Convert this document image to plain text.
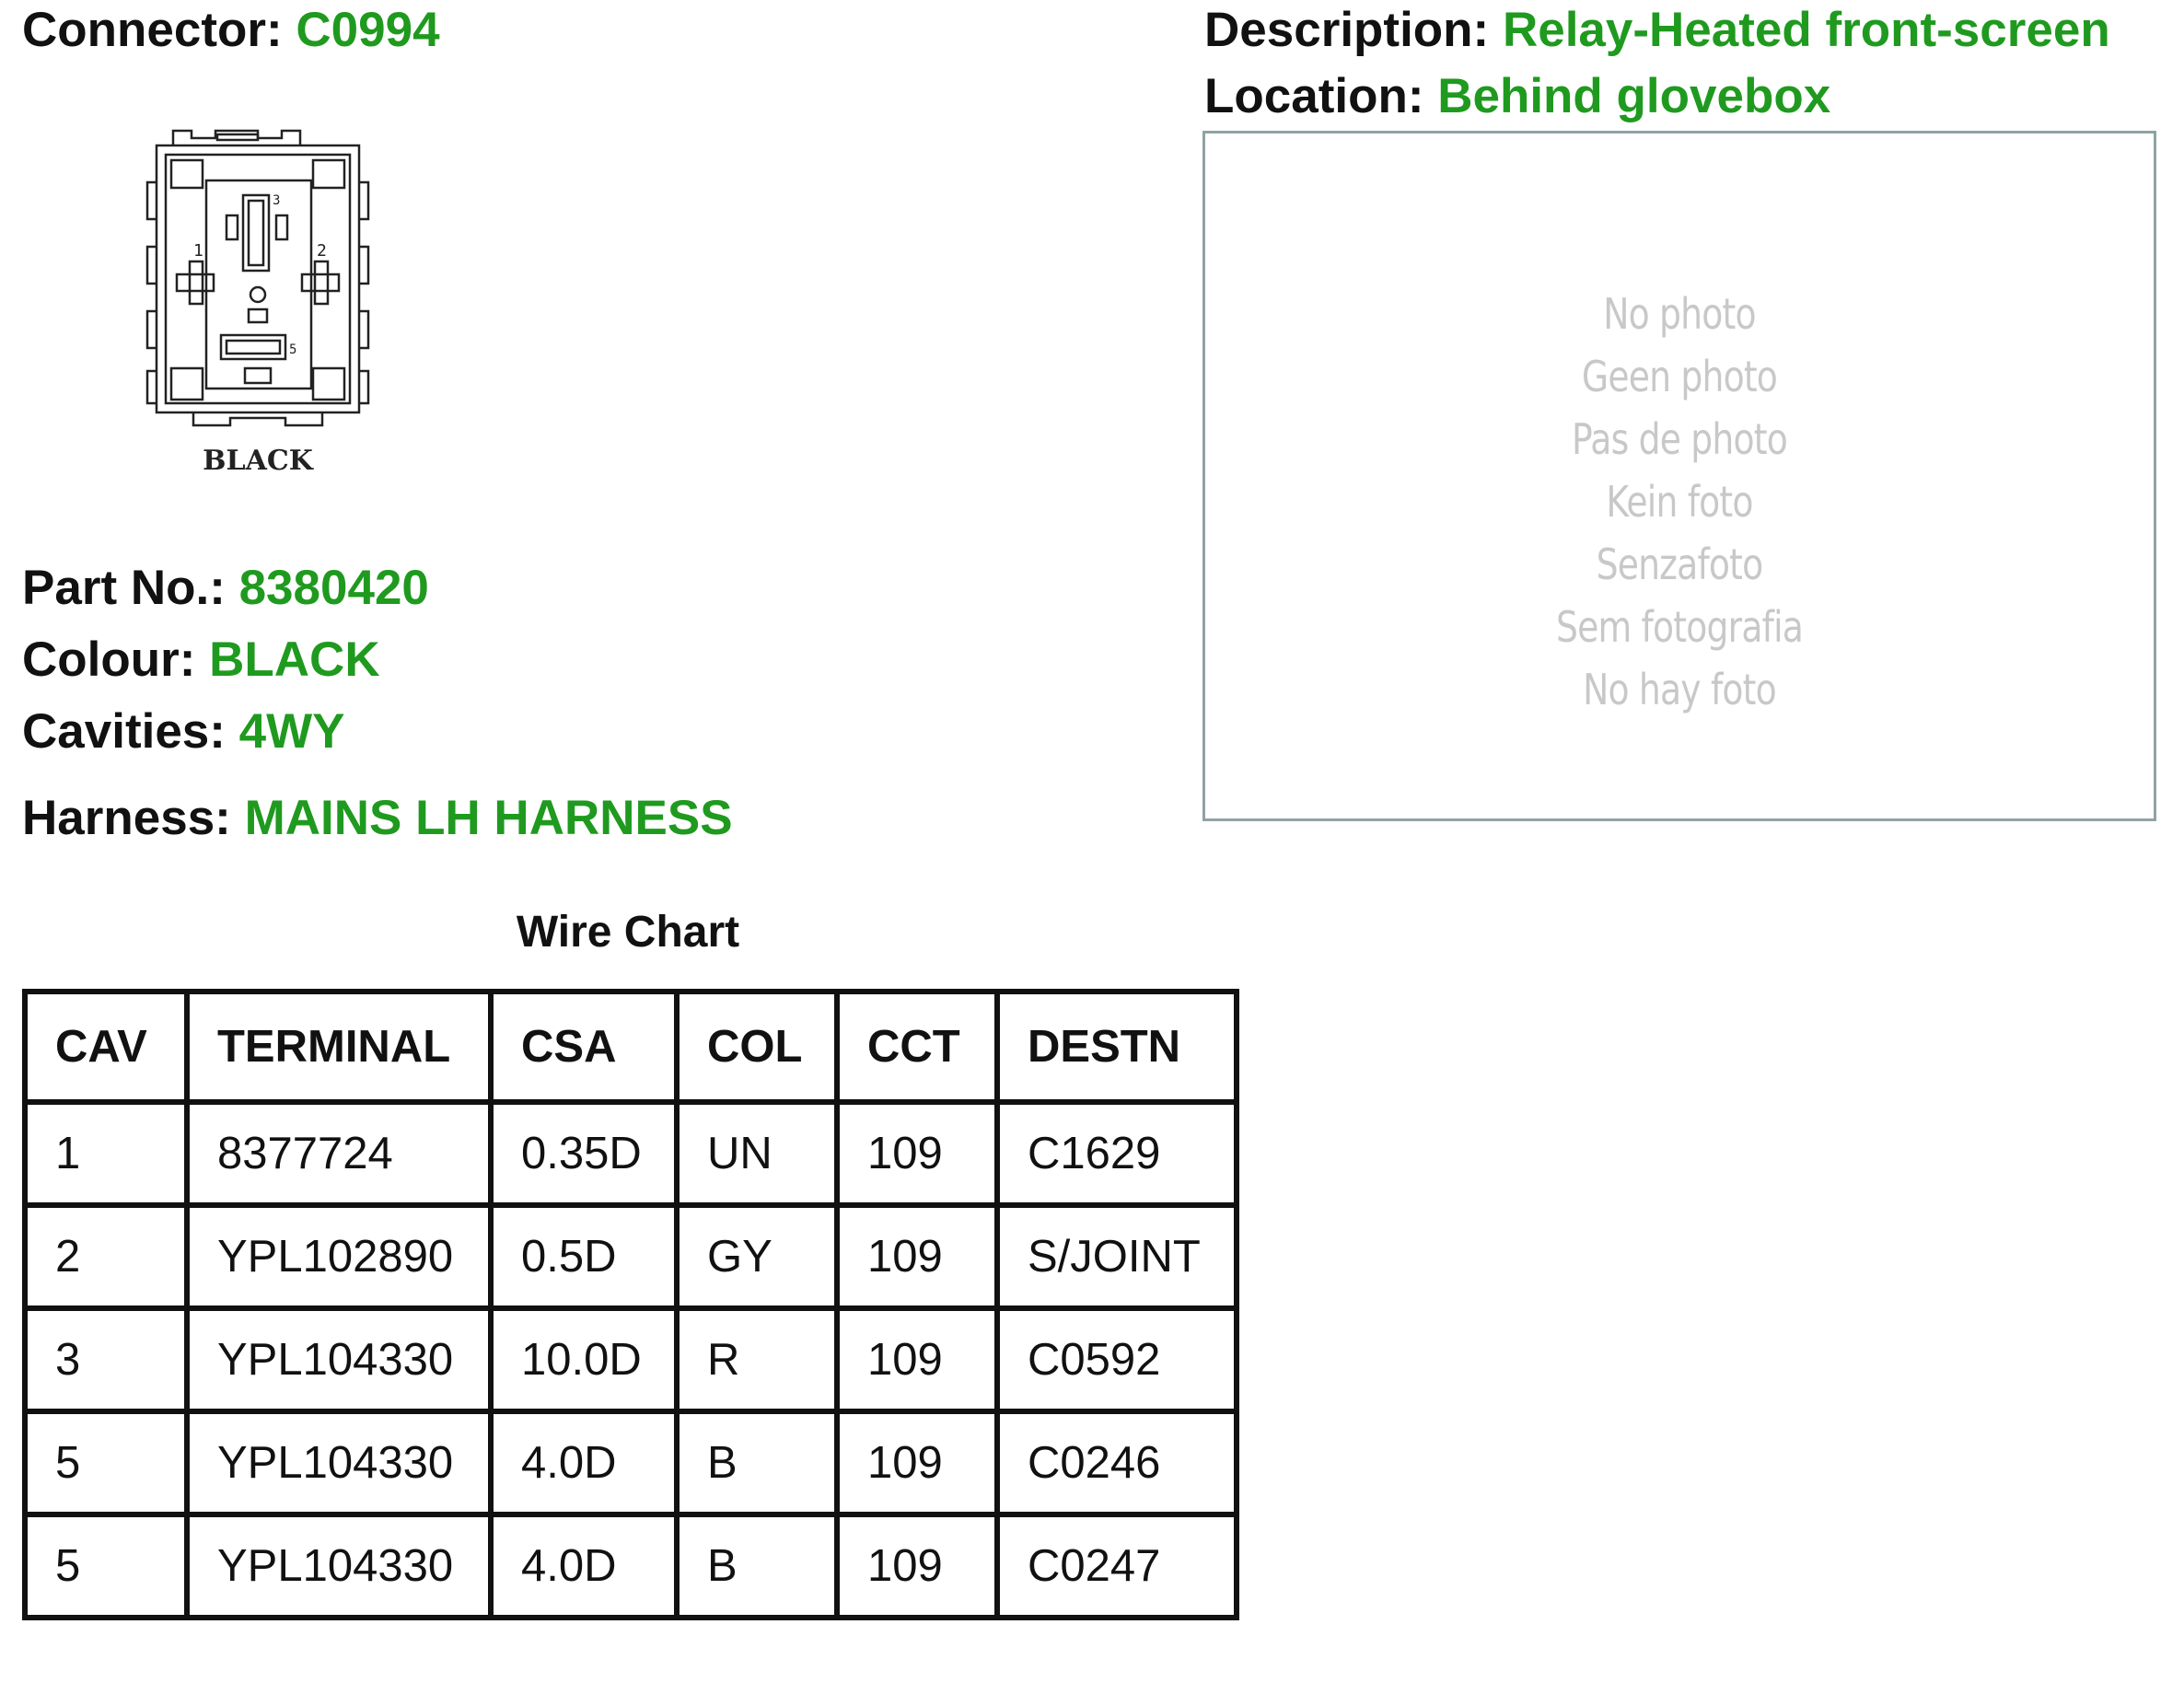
Connector: C0994	Description: Relay-Heated front-screen
Location: Behind glovebox
1	2
3
5
BLACK
Part No.: 8380420
Colour: BLACK
Cavities: 4WY
Harness: MAINS LH HARNESS
No photo
Geen photo
Pas de photo
Kein foto
Senzafoto
Sem fotografia
No hay foto
Wire Chart
CAV	TERMINAL	CSA	COL	CCT	DESTN
1	8377724	0.35D	UN	109	C1629
2	YPL102890	0.5D	GY	109	S/JOINT
3	YPL104330	10.0D	R	109	C0592
5	YPL104330	4.0D	B	109	C0246
5	YPL104330	4.0D	B	109	C0247
